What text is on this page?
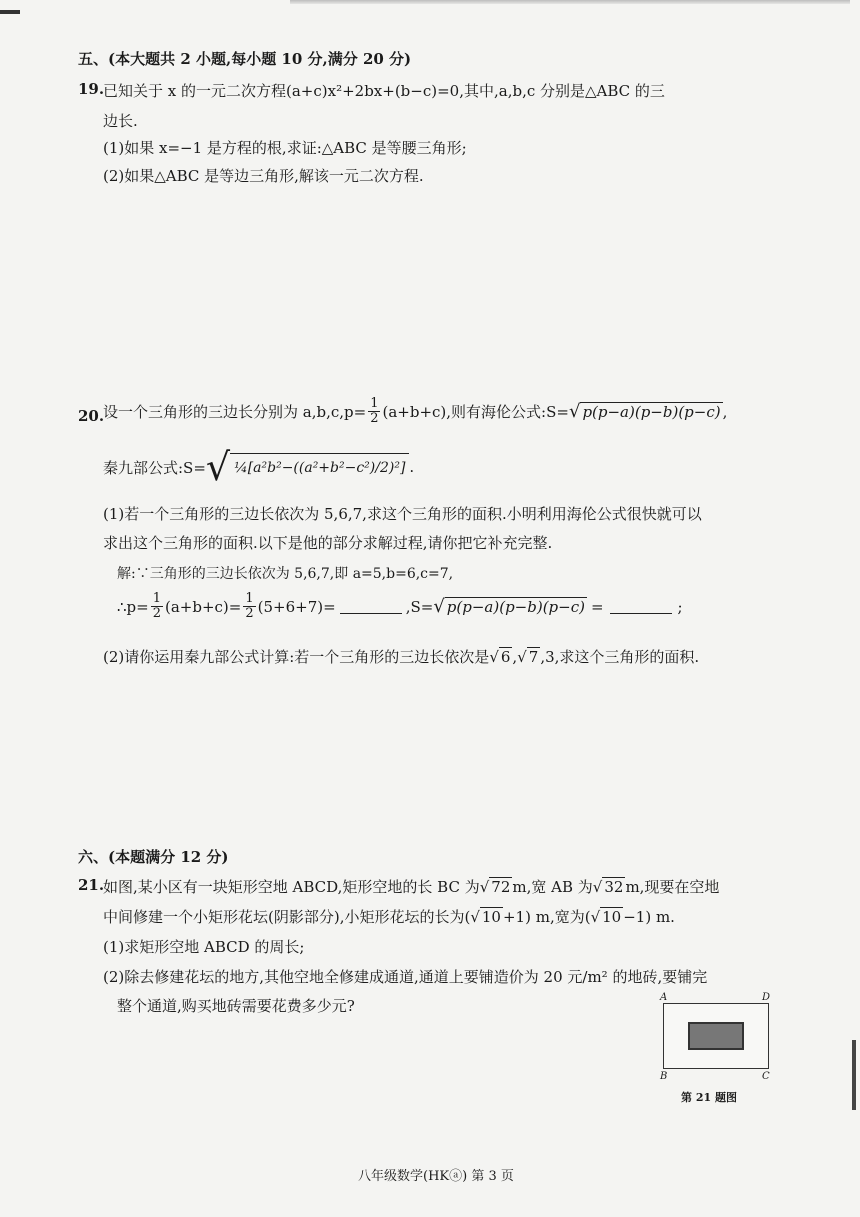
五、(本大题共 2 小题,每小题 10 分,满分 20 分)
19.
已知关于 x 的一元二次方程(a+c)x²+2bx+(b−c)=0,其中,a,b,c 分别是△ABC 的三
边长.
(1)如果 x=−1 是方程的根,求证:△ABC 是等腰三角形;
(2)如果△ABC 是等边三角形,解该一元二次方程.
20.
设一个三角形的三边长分别为 $a,b,c,p= \frac{1}{2} (a+b+c)$,则有海伦公式:S= √ p(p−a)(p−b)(p−c) ,
秦九部公式:S= √ ¼[a²b²−((a²+b²−c²)/2)²] .
(1)若一个三角形的三边长依次为 5,6,7,求这个三角形的面积.小明利用海伦公式很快就可以
求出这个三角形的面积.以下是他的部分求解过程,请你把它补充完整.
解:∵三角形的三边长依次为 5,6,7,即 a=5,b=6,c=7,
∴p= $\frac{1}{2} (a+b+c)= \frac{1}{2} (5+6+7)=$	,S= √ p(p−a)(p−b)(p−c) =	;
(2)请你运用秦九部公式计算:若一个三角形的三边长依次是 √ 6 , √ 7 ,3,求这个三角形的面积.
六、(本题满分 12 分)
21.
如图,某小区有一块矩形空地 ABCD,矩形空地的长 BC 为 √ 72 m,宽 AB 为 √ 32 m,现要在空地
中间修建一个小矩形花坛(阴影部分),小矩形花坛的长为( √ 10 +1) m,宽为( √ 10 −1) m.
(1)求矩形空地 ABCD 的周长;
(2)除去修建花坛的地方,其他空地全修建成通道,通道上要铺造价为 20 元/m² 的地砖,要铺完
整个通道,购买地砖需要花费多少元?	A	D
B	C
第 21 题图
八年级数学(HKⓐ) 第 3 页
